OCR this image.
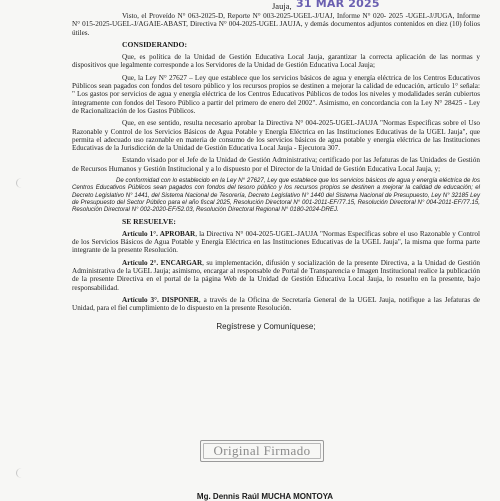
Jauja, 31 MAR 2025

Visto, el Proveído N° 063-2025-D, Reporte N° 003-2025-UGEL-J/UAJ, Informe N° 020- 2025 -UGEL-J/JUGA, Informe N° 015-2025-UGEL-J/AGAIE-ABAST, Directiva N° 004-2025-UGEL JAUJA, y demás documentos adjuntos contenidos en diez (10) folios útiles.

CONSIDERANDO:

Que, es política de la Unidad de Gestión Educativa Local Jauja, garantizar la correcta aplicación de las normas y dispositivos que legalmente corresponde a los Servidores de la Unidad de Gestión Educativa Local Jauja;

Que, la Ley N° 27627 – Ley que establece que los servicios básicos de agua y energía eléctrica de los Centros Educativos Públicos sean pagados con fondos del tesoro público y los recursos propios se destinen a mejorar la calidad de educación, artículo 1° señala: " Los gastos por servicios de agua y energía eléctrica de los Centros Educativos Públicos de todos los niveles y modalidades serán cubiertos íntegramente con fondos del Tesoro Público a partir del primero de enero del 2002". Asimismo, en concordancia con la Ley N° 28425 - Ley de Racionalización de los Gastos Públicos.

Que, en ese sentido, resulta necesario aprobar la Directiva N° 004-2025-UGEL-JAUJA "Normas Específicas sobre el Uso Razonable y Control de los Servicios Básicos de Agua Potable y Energía Eléctrica en las Instituciones Educativas de la UGEL Jauja", que permita el adecuado uso razonable en materia de consumo de los servicios básicos de agua potable y energía eléctrica de las Instituciones Educativas de la Jurisdicción de la Unidad de Gestión Educativa Local Jauja - Ejecutora 307.

Estando visado por el Jefe de la Unidad de Gestión Administrativa; certificado por las Jefaturas de las Unidades de Gestión de Recursos Humanos y Gestión Institucional y a lo dispuesto por el Director de la Unidad de Gestión Educativa Local Jauja, y;

De conformidad con lo establecido en la Ley N° 27627, Ley que establece que los servicios básicos de agua y energía eléctrica de los Centros Educativos Públicos sean pagados con fondos del tesoro público y los recursos propios se destinen a mejorar la calidad de educación; el Decreto Legislativo N° 1441, del Sistema Nacional de Tesorería, Decreto Legislativo N° 1440 del Sistema Nacional de Presupuesto, Ley N° 32185 Ley de Presupuesto del Sector Público para el año fiscal 2025, Resolución Directoral N° 001-2011-EF/77.15, Resolución Directoral N° 004-2011-EF/77.15, Resolución Directoral N° 002-2020-EF/52.03, Resolución Directoral Regional N° 0180-2024-DREJ.

SE RESUELVE:

Artículo 1°. APROBAR, la Directiva N° 004-2025-UGEL-JAUJA "Normas Específicas sobre el uso Razonable y Control de los Servicios Básicos de Agua Potable y Energía Eléctrica en las Instituciones Educativas de la UGEL Jauja", la misma que forma parte integrante de la presente Resolución.

Artículo 2°. ENCARGAR, su implementación, difusión y socialización de la presente Directiva, a la Unidad de Gestión Administrativa de la UGEL Jauja; asimismo, encargar al responsable de Portal de Transparencia e Imagen Institucional realice la publicación de la presente Directiva en el portal de la página Web de la Unidad de Gestión Educativa Local Jauja, lo resuelto en la presente, bajo responsabilidad.

Artículo 3°. DISPONER, a través de la Oficina de Secretaría General de la UGEL Jauja, notifique a las Jefaturas de Unidad, para el fiel cumplimiento de lo dispuesto en la presente Resolución.

Regístrese y Comuníquese;

Original Firmado
Mg. Dennis Raúl MUCHA MONTOYA
